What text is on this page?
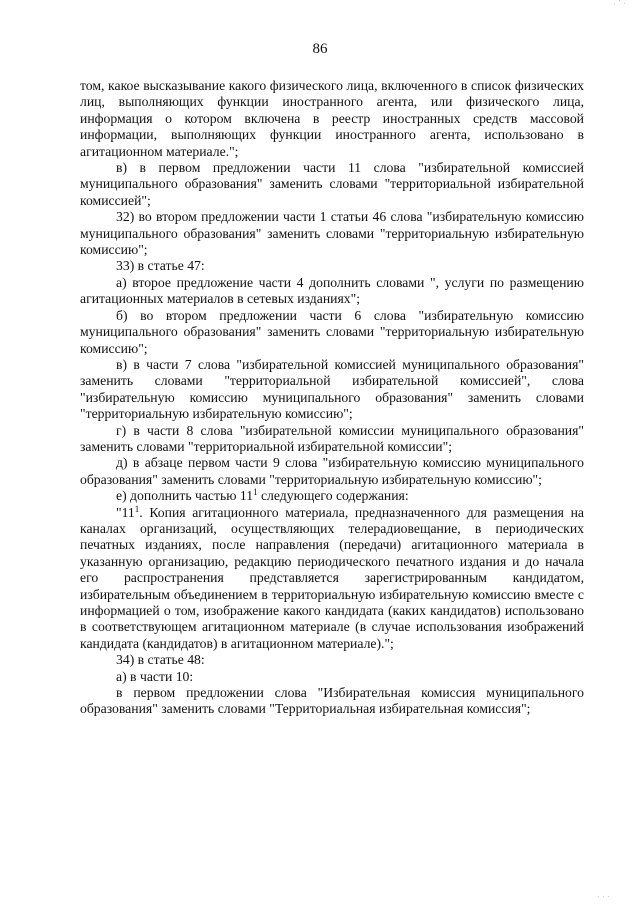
. ' .
86

том, какое высказывание какого физического лица, включенного в список физических лиц, выполняющих функции иностранного агента, или физического лица, информация о котором включена в реестр иностранных средств массовой информации, выполняющих функции иностранного агента, использовано в агитационном материале.";

в) в первом предложении части 11 слова "избирательной комиссией муниципального образования" заменить словами "территориальной избирательной комиссией";

32) во втором предложении части 1 статьи 46 слова "избирательную комиссию муниципального образования" заменить словами "территориальную избирательную комиссию";

33) в статье 47:

а) второе предложение части 4 дополнить словами ", услуги по размещению агитационных материалов в сетевых изданиях";

б) во втором предложении части 6 слова "избирательную комиссию муниципального образования" заменить словами "территориальную избирательную комиссию";

в) в части 7 слова "избирательной комиссией муниципального образования" заменить словами "территориальной избирательной комиссией", слова "избирательную комиссию муниципального образования" заменить словами "территориальную избирательную комиссию";

г) в части 8 слова "избирательной комиссии муниципального образования" заменить словами "территориальной избирательной комиссии";

д) в абзаце первом части 9 слова "избирательную комиссию муниципального образования" заменить словами "территориальную избирательную комиссию";

е) дополнить частью $11^1$ следующего содержания:

"$11^1$. Копия агитационного материала, предназначенного для размещения на каналах организаций, осуществляющих телерадиовещание, в периодических печатных изданиях, после направления (передачи) агитационного материала в указанную организацию, редакцию периодического печатного издания и до начала его распространения представляется зарегистрированным кандидатом, избирательным объединением в территориальную избирательную комиссию вместе с информацией о том, изображение какого кандидата (каких кандидатов) использовано в соответствующем агитационном материале (в случае использования изображений кандидата (кандидатов) в агитационном материале).";

34) в статье 48:

а) в части 10:

в первом предложении слова "Избирательная комиссия муниципального образования" заменить словами "Территориальная избирательная комиссия";

. . .
